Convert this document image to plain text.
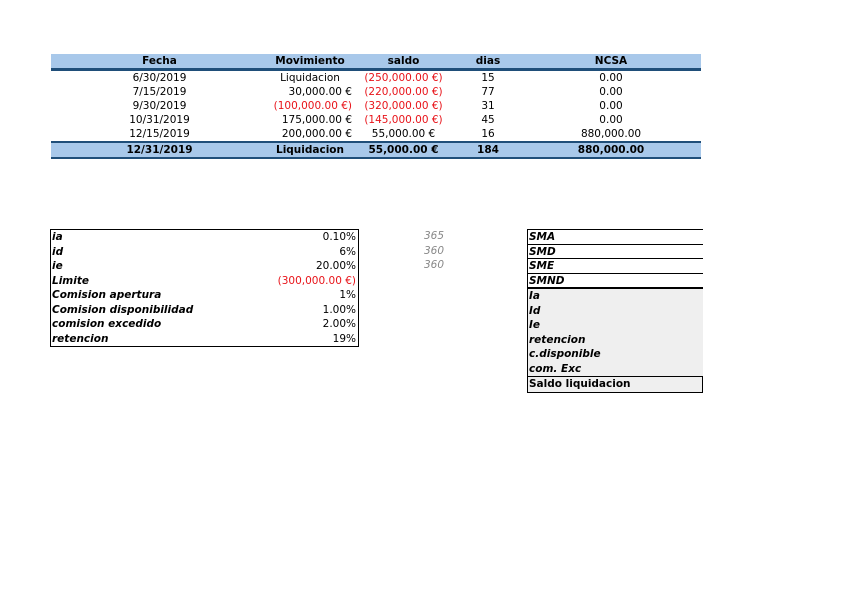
Fecha	Movimiento	saldo	dias	NCSA
6/30/2019	Liquidacion	(250,000.00 €)	15	0.00
7/15/2019	30,000.00 €	(220,000.00 €)	77	0.00
9/30/2019	(100,000.00 €)	(320,000.00 €)	31	0.00
10/31/2019	175,000.00 €	(145,000.00 €)	45	0.00
12/15/2019	200,000.00 €	55,000.00 €	16	880,000.00
12/31/2019	Liquidacion	55,000.00 €	184	880,000.00
ia	0.10%
id	6%
ie	20.00%
Limite	(300,000.00 €)
Comision apertura	1%
Comision disponibilidad	1.00%
comision excedido	2.00%
retencion	19%
365
360
360
SMA
SMD
SME
SMND
Ia
Id
Ie
retencion
c.disponible
com. Exc
Saldo liquidacion
